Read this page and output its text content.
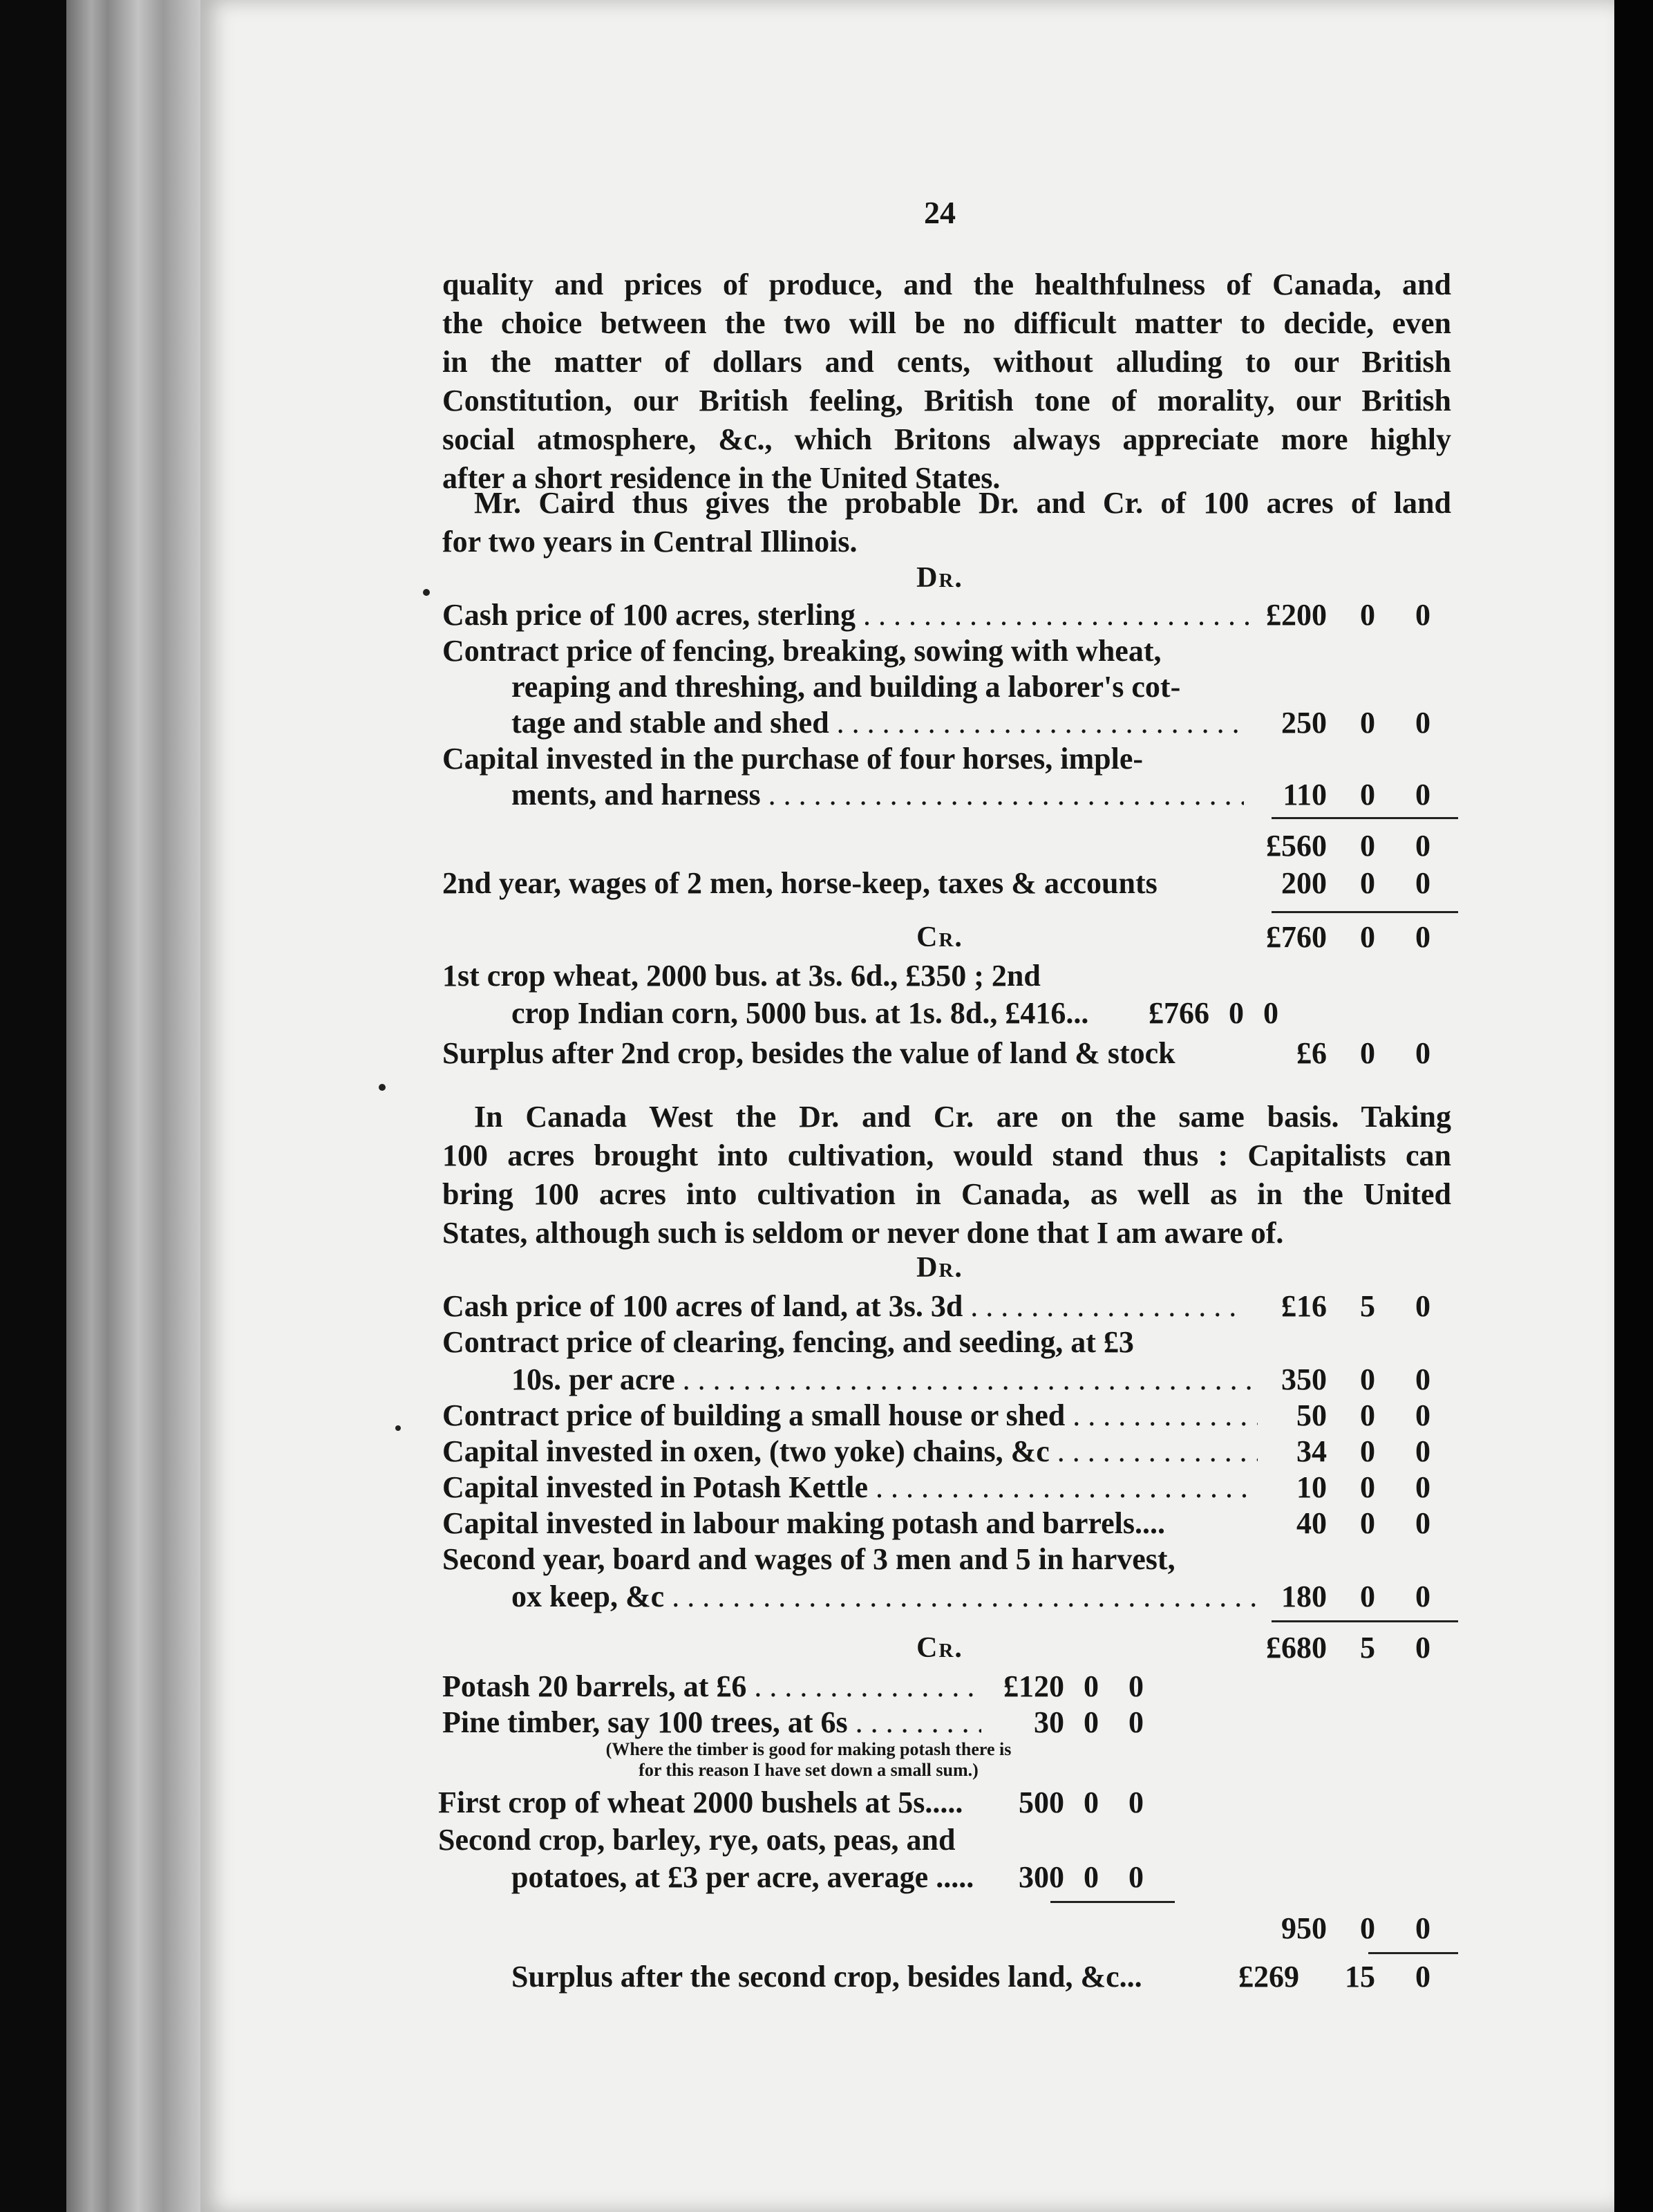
24
quality and prices of produce, and the healthfulness of Canada, and
the choice between the two will be no difficult matter to decide, even
in the matter of dollars and cents, without alluding to our British
Constitution, our British feeling, British tone of morality, our British
social atmosphere, &c., which Britons always appreciate more highly
after a short residence in the United States.
Mr. Caird thus gives the probable Dr. and Cr. of 100 acres of land
for two years in Central Illinois.
Dr.
Cash price of 100 acres, sterling . . .	£200	0	0
Contract price of fencing, breaking, sowing with wheat,
reaping and threshing, and building a laborer's cot-
tage and stable and shed . . .	250	0	0
Capital invested in the purchase of four horses, imple-
ments, and harness . . .	110	0	0
£560	0	0
2nd year, wages of 2 men, horse-keep, taxes & accounts	200	0	0
Cr.	£760	0	0
1st crop wheat, 2000 bus. at 3s. 6d., £350 ; 2nd
crop Indian corn, 5000 bus. at 1s. 8d., £416...	£766 0 0
Surplus after 2nd crop, besides the value of land & stock	£6	0	0
In Canada West the Dr. and Cr. are on the same basis. Taking
100 acres brought into cultivation, would stand thus : Capitalists can
bring 100 acres into cultivation in Canada, as well as in the United
States, although such is seldom or never done that I am aware of.
Dr.
Cash price of 100 acres of land, at 3s. 3d . . .	£16	5	0
Contract price of clearing, fencing, and seeding, at £3
10s. per acre . . .	350	0	0
Contract price of building a small house or shed . . .	50	0	0
Capital invested in oxen, (two yoke) chains, &c . . .	34	0	0
Capital invested in Potash Kettle . . .	10	0	0
Capital invested in labour making potash and barrels....	40	0	0
Second year, board and wages of 3 men and 5 in harvest,
ox keep, &c . . .	180	0	0
Cr.	£680	5	0
Potash 20 barrels, at £6 . . .	£120 0 0
Pine timber, say 100 trees, at 6s . . .	30 0 0
(Where the timber is good for making potash there is
for this reason I have set down a small sum.)
First crop of wheat 2000 bushels at 5s.....	500 0 0
Second crop, barley, rye, oats, peas, and
potatoes, at £3 per acre, average .....	300 0 0
950	0	0
Surplus after the second crop, besides land, &c...	£269 15	0
